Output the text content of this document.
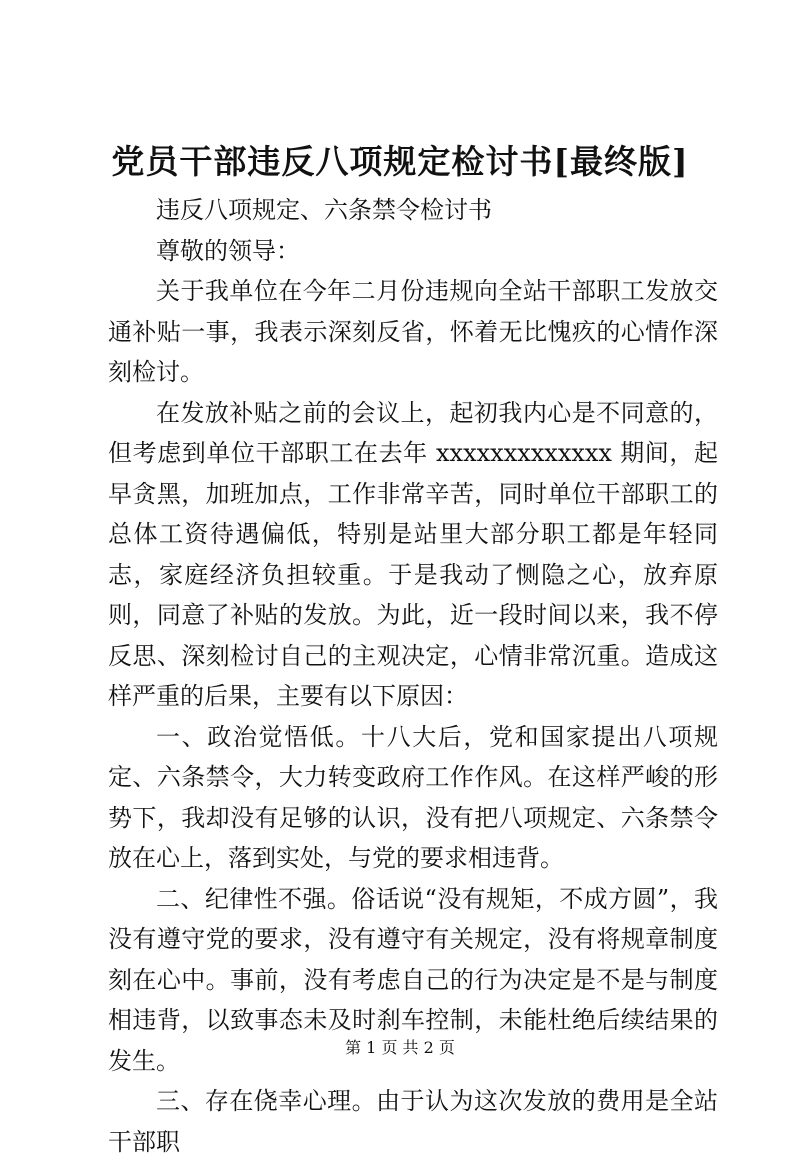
党员干部违反八项规定检讨书[最终版]

违反八项规定、六条禁令检讨书

尊敬的领导：

关于我单位在今年二月份违规向全站干部职工发放交通补贴一事，我表示深刻反省，怀着无比愧疚的心情作深刻检讨。

在发放补贴之前的会议上，起初我内心是不同意的，但考虑到单位干部职工在去年 xxxxxxxxxxxxx 期间，起早贪黑，加班加点，工作非常辛苦，同时单位干部职工的总体工资待遇偏低，特别是站里大部分职工都是年轻同志，家庭经济负担较重。于是我动了恻隐之心，放弃原则，同意了补贴的发放。为此，近一段时间以来，我不停反思、深刻检讨自己的主观决定，心情非常沉重。造成这样严重的后果，主要有以下原因：

一、政治觉悟低。十八大后，党和国家提出八项规定、六条禁令，大力转变政府工作作风。在这样严峻的形势下，我却没有足够的认识，没有把八项规定、六条禁令放在心上，落到实处，与党的要求相违背。

二、纪律性不强。俗话说“没有规矩，不成方圆”，我没有遵守党的要求，没有遵守有关规定，没有将规章制度刻在心中。事前，没有考虑自己的行为决定是不是与制度相违背，以致事态未及时刹车控制，未能杜绝后续结果的发生。

三、存在侥幸心理。由于认为这次发放的费用是全站干部职

第 1 页 共 2 页
